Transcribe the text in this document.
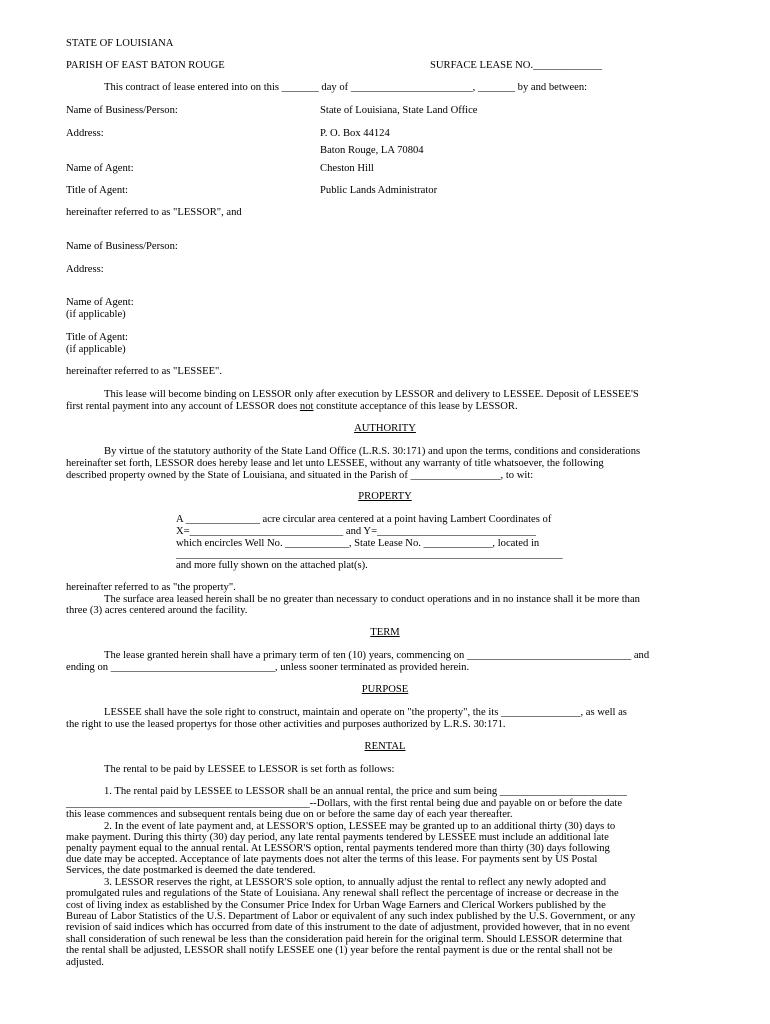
STATE OF LOUISIANA
PARISH OF EAST BATON ROUGE	SURFACE LEASE NO._____________
This contract of lease entered into on this _______ day of _______________________, _______ by and between:
Name of Business/Person:	State of Louisiana, State Land Office
Address:	P. O. Box 44124
Baton Rouge, LA 70804
Name of Agent:	Cheston Hill
Title of Agent:	Public Lands Administrator
hereinafter referred to as "LESSOR", and
Name of Business/Person:
Address:
Name of Agent:
(if applicable)
Title of Agent:
(if applicable)
hereinafter referred to as "LESSEE".
This lease will become binding on LESSOR only after execution by LESSOR and delivery to LESSEE. Deposit of LESSEE'S
first rental payment into any account of LESSOR does not constitute acceptance of this lease by LESSOR.
AUTHORITY
By virtue of the statutory authority of the State Land Office (L.R.S. 30:171) and upon the terms, conditions and considerations
hereinafter set forth, LESSOR does hereby lease and let unto LESSEE, without any warranty of title whatsoever, the following
described property owned by the State of Louisiana, and situated in the Parish of _________________, to wit:
PROPERTY
A ______________ acre circular area centered at a point having Lambert Coordinates of
X=_____________________________ and Y=______________________________
which encircles Well No. ____________, State Lease No. _____________, located in
_________________________________________________________________________
and more fully shown on the attached plat(s).
hereinafter referred to as "the property".
The surface area leased herein shall be no greater than necessary to conduct operations and in no instance shall it be more than
three (3) acres centered around the facility.
TERM
The lease granted herein shall have a primary term of ten (10) years, commencing on _______________________________ and
ending on _______________________________, unless sooner terminated as provided herein.
PURPOSE
LESSEE shall have the sole right to construct, maintain and operate on "the property", the its _______________, as well as
the right to use the leased propertys for those other activities and purposes authorized by L.R.S. 30:171.
RENTAL
The rental to be paid by LESSEE to LESSOR is set forth as follows:
1. The rental paid by LESSEE to LESSOR shall be an annual rental, the price and sum being ________________________
______________________________________________--Dollars, with the first rental being due and payable on or before the date
this lease commences and subsequent rentals being due on or before the same day of each year thereafter.
2. In the event of late payment and, at LESSOR'S option, LESSEE may be granted up to an additional thirty (30) days to
make payment. During this thirty (30) day period, any late rental payments tendered by LESSEE must include an additional late
penalty payment equal to the annual rental. At LESSOR'S option, rental payments tendered more than thirty (30) days following
due date may be accepted. Acceptance of late payments does not alter the terms of this lease. For payments sent by US Postal
Services, the date postmarked is deemed the date tendered.
3. LESSOR reserves the right, at LESSOR'S sole option, to annually adjust the rental to reflect any newly adopted and
promulgated rules and regulations of the State of Louisiana. Any renewal shall reflect the percentage of increase or decrease in the
cost of living index as established by the Consumer Price Index for Urban Wage Earners and Clerical Workers published by the
Bureau of Labor Statistics of the U.S. Department of Labor or equivalent of any such index published by the U.S. Government, or any
revision of said indices which has occurred from date of this instrument to the date of adjustment, provided however, that in no event
shall consideration of such renewal be less than the consideration paid herein for the original term. Should LESSOR determine that
the rental shall be adjusted, LESSOR shall notify LESSEE one (1) year before the rental payment is due or the rental shall not be
adjusted.
